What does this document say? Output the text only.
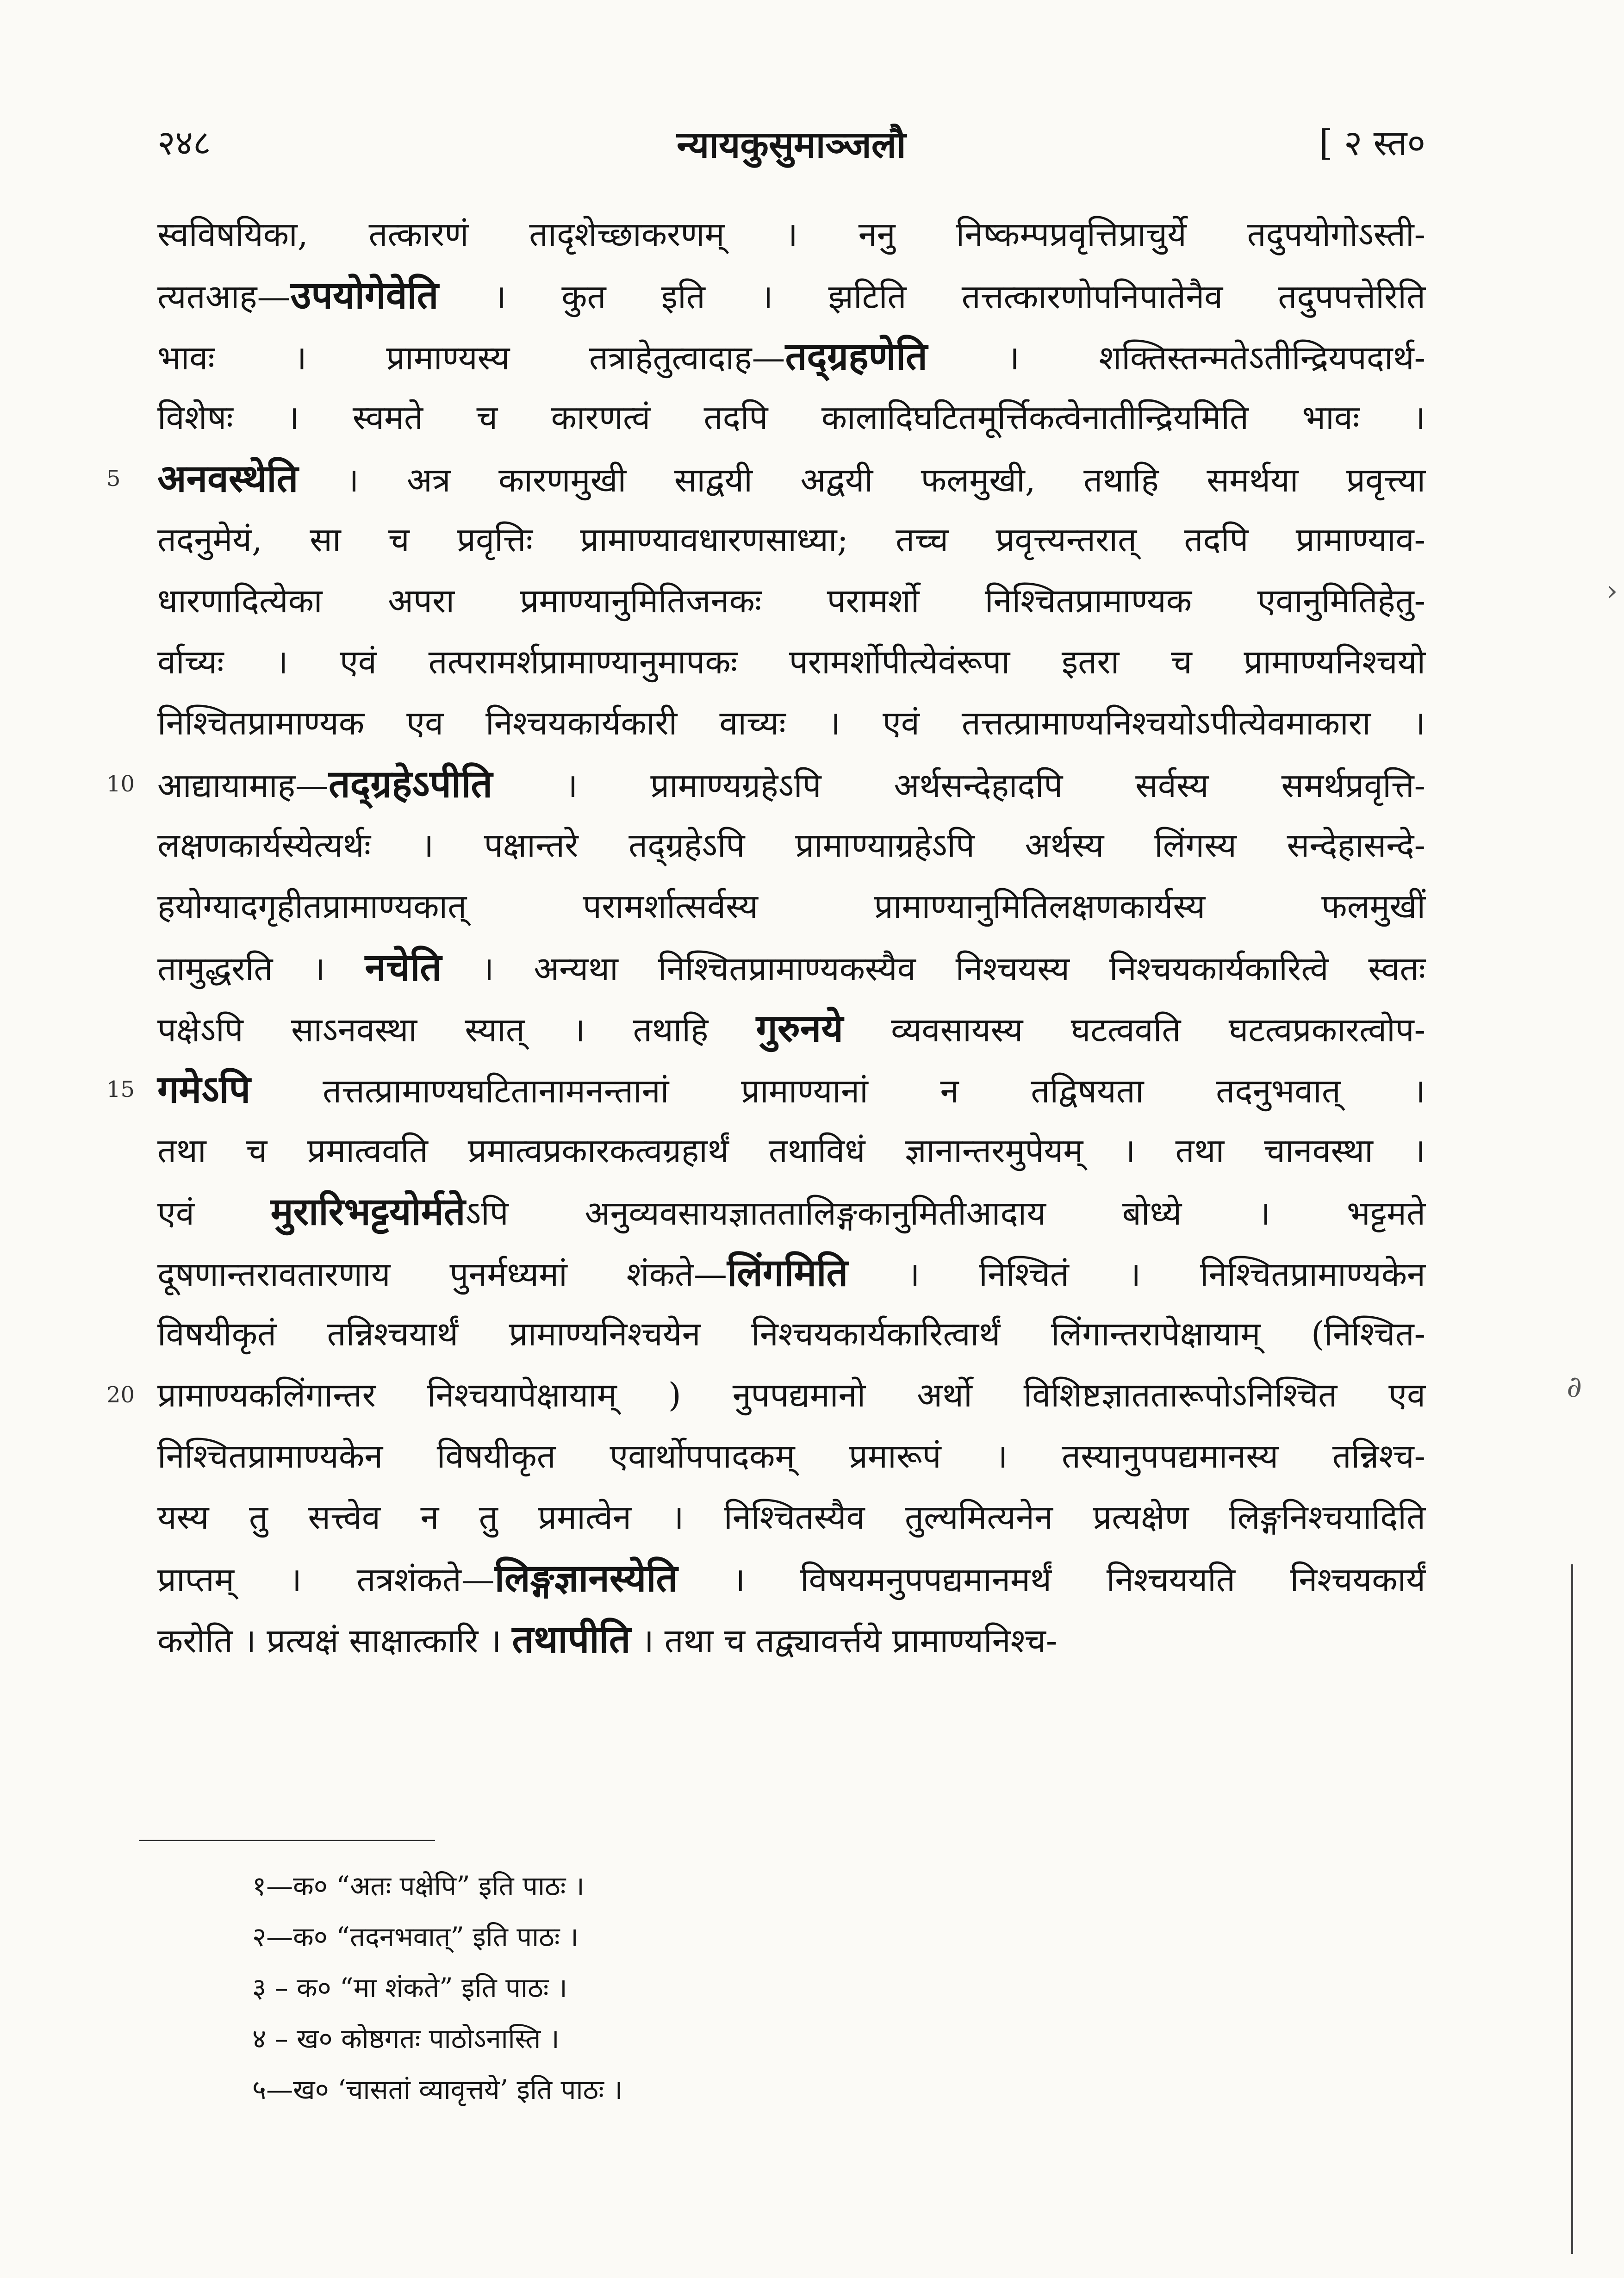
२४८	न्यायकुसुमाञ्जलौ	[ २ स्त०
स्वविषयिका, तत्कारणं तादृशेच्छाकरणम् । ननु निष्कम्पप्रवृत्तिप्राचुर्ये तदुपयोगोऽस्ती-
त्यतआह—उपयोगेवेति । कुत इति । झटिति तत्तत्कारणोपनिपातेनैव तदुपपत्तेरिति
भावः । प्रामाण्यस्य तत्राहेतुत्वादाह—तद्ग्रहणेति । शक्तिस्तन्मतेऽतीन्द्रियपदार्थ-
विशेषः । स्वमते च कारणत्वं तदपि कालादिघटितमूर्त्तिकत्वेनातीन्द्रियमिति भावः ।
5 अनवस्थेति । अत्र कारणमुखी साद्वयी अद्वयी फलमुखी, तथाहि समर्थया प्रवृत्त्या
तदनुमेयं, सा च प्रवृत्तिः प्रामाण्यावधारणसाध्या; तच्च प्रवृत्त्यन्तरात् तदपि प्रामाण्याव-
धारणादित्येका अपरा प्रमाण्यानुमितिजनकः परामर्शो निश्चितप्रामाण्यक एवानुमितिहेतु-
र्वाच्यः । एवं तत्परामर्शप्रामाण्यानुमापकः परामर्शोपीत्येवंरूपा इतरा च प्रामाण्यनिश्चयो
निश्चितप्रामाण्यक एव निश्चयकार्यकारी वाच्यः । एवं तत्तत्प्रामाण्यनिश्चयोऽपीत्येवमाकारा ।
10 आद्यायामाह—तद्ग्रहेऽपीति । प्रामाण्यग्रहेऽपि अर्थसन्देहादपि सर्वस्य समर्थप्रवृत्ति-
लक्षणकार्यस्येत्यर्थः । पक्षान्तरे तद्ग्रहेऽपि प्रामाण्याग्रहेऽपि अर्थस्य लिंगस्य सन्देहासन्दे-
हयोग्यादगृहीतप्रामाण्यकात् परामर्शात्सर्वस्य प्रामाण्यानुमितिलक्षणकार्यस्य फलमुखीं
तामुद्धरति । नचेति । अन्यथा निश्चितप्रामाण्यकस्यैव निश्चयस्य निश्चयकार्यकारित्वे स्वतः
पक्षेऽपि साऽनवस्था स्यात् । तथाहि गुरुनये व्यवसायस्य घटत्ववति घटत्वप्रकारत्वोप-
15 गमेऽपि तत्तत्प्रामाण्यघटितानामनन्तानां प्रामाण्यानां न तद्विषयता तदनुभवात् ।
तथा च प्रमात्ववति प्रमात्वप्रकारकत्वग्रहार्थं तथाविधं ज्ञानान्तरमुपेयम् । तथा चानवस्था ।
एवं मुरारिभट्टयोर्मतेऽपि अनुव्यवसायज्ञाततालिङ्गकानुमितीआदाय बोध्ये । भट्टमते
दूषणान्तरावतारणाय पुनर्मध्यमां शंकते—लिंगमिति । निश्चितं । निश्चितप्रामाण्यकेन
विषयीकृतं तन्निश्चयार्थं प्रामाण्यनिश्चयेन निश्चयकार्यकारित्वार्थं लिंगान्तरापेक्षायाम् (निश्चित-
20 प्रामाण्यकलिंगान्तर निश्चयापेक्षायाम् ) नुपपद्यमानो अर्थो विशिष्टज्ञाततारूपोऽनिश्चित एव
निश्चितप्रामाण्यकेन विषयीकृत एवार्थोपपादकम् प्रमारूपं । तस्यानुपपद्यमानस्य तन्निश्च-
यस्य तु सत्त्वेव न तु प्रमात्वेन । निश्चितस्यैव तुल्यमित्यनेन प्रत्यक्षेण लिङ्गनिश्चयादिति
प्राप्तम् । तत्रशंकते—लिङ्गज्ञानस्येति । विषयमनुपपद्यमानमर्थं निश्चययति निश्चयकार्यं
करोति । प्रत्यक्षं साक्षात्कारि । तथापीति । तथा च तद्व्यावर्त्तये प्रामाण्यनिश्च-
›
∂
१—क० “अतः पक्षेपि” इति पाठः ।
२—क० “तदनभवात्” इति पाठः ।
३ – क० “मा शंकते” इति पाठः ।
४ – ख० कोष्ठगतः पाठोऽनास्ति ।
५—ख० ‘चासतां व्यावृत्तये’ इति पाठः ।
